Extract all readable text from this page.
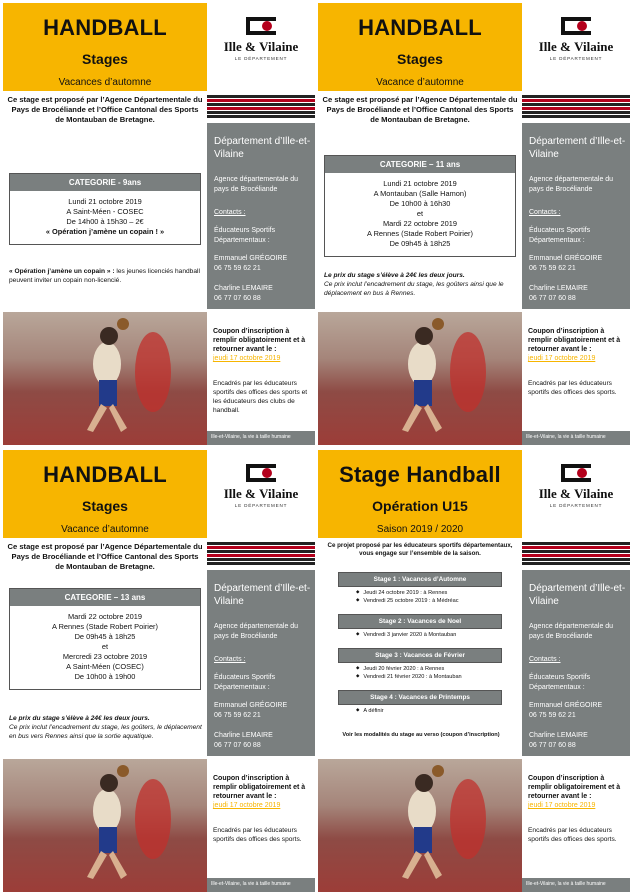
HANDBALL
Stages
Vacances d’automne
Ille & Vilaine
LE DÉPARTEMENT
Ce stage est proposé par l’Agence Départementale du Pays de Brocéliande et l’Office Cantonal des Sports de Montauban de Bretagne.
CATEGORIE - 9ans
Lundi 21 octobre 2019
A Saint-Méen - COSEC
De 14h00 à 15h30 – 2€
« Opération j’amène un copain ! »
« Opération j’amène un copain » : les jeunes licenciés handball peuvent inviter un copain non-licencié.
Département d’Ille-et-Vilaine
Agence départementale du pays de Brocéliande
Contacts :
Éducateurs Sportifs Départementaux :
Emmanuel GRÉGOIRE
06 75 59 62 21
Charline LEMAIRE
06 77 07 60 88
Coupon d’inscription à remplir obligatoirement et à retourner avant le :
jeudi 17 octobre 2019
Encadrés par les éducateurs sportifs des offices des sports et les éducateurs des clubs de handball.
Ille-et-Vilaine, la vie à taille humaine
HANDBALL
Stages
Vacance d’automne
Ille & Vilaine
LE DÉPARTEMENT
Ce stage est proposé par l’Agence Départementale du Pays de Brocéliande et l’Office Cantonal des Sports de Montauban de Bretagne.
CATEGORIE – 11 ans
Lundi 21 octobre 2019
A Montauban (Salle Hamon)
De 10h00 à 16h30
et
Mardi 22 octobre 2019
A Rennes (Stade Robert Poirier)
De 09h45 à 18h25
Le prix du stage s’élève à 24€ les deux jours.
Ce prix inclut l’encadrement du stage, les goûters ainsi que le déplacement en bus à Rennes.
Département d’Ille-et-Vilaine
Agence départementale du pays de Brocéliande
Contacts :
Éducateurs Sportifs Départementaux :
Emmanuel GRÉGOIRE
06 75 59 62 21
Charline LEMAIRE
06 77 07 60 88
Coupon d’inscription à remplir obligatoirement et à retourner avant le :
jeudi 17 octobre 2019
Encadrés par les éducateurs sportifs des offices des sports.
Ille-et-Vilaine, la vie à taille humaine
HANDBALL
Stages
Vacance d’automne
Ille & Vilaine
LE DÉPARTEMENT
Ce stage est proposé par l’Agence Départementale du Pays de Brocéliande et l’Office Cantonal des Sports de Montauban de Bretagne.
CATEGORIE – 13 ans
Mardi 22 octobre 2019
A Rennes (Stade Robert Poirier)
De 09h45 à 18h25
et
Mercredi 23 octobre 2019
A Saint-Méen (COSEC)
De 10h00 à 19h00
Le prix du stage s’élève à 24€ les deux jours.
Ce prix inclut l’encadrement du stage, les goûters, le déplacement en bus vers Rennes ainsi que la sortie aquatique.
Département d’Ille-et-Vilaine
Agence départementale du pays de Brocéliande
Contacts :
Éducateurs Sportifs Départementaux :
Emmanuel GRÉGOIRE
06 75 59 62 21
Charline LEMAIRE
06 77 07 60 88
Coupon d’inscription à remplir obligatoirement et à retourner avant le :
jeudi 17 octobre 2019
Encadrés par les éducateurs sportifs des offices des sports.
Ille-et-Vilaine, la vie à taille humaine
Stage Handball
Opération U15
Saison 2019 / 2020
Ille & Vilaine
LE DÉPARTEMENT
Ce projet proposé par les éducateurs sportifs départementaux, vous engage sur l’ensemble de la saison.
Stage 1 : Vacances d’Automne
◆ Jeudi 24 octobre 2019 : à Rennes
◆ Vendredi 25 octobre 2019 : à Médréac
Stage 2 : Vacances de Noel
◆ Vendredi 3 janvier 2020 à Montauban
Stage 3 : Vacances de Février
◆ Jeudi 20 février 2020 : à Rennes
◆ Vendredi 21 février 2020 : à Montauban
Stage 4 : Vacances de Printemps
◆ A définir
Voir les modalités du stage au verso (coupon d’inscription)
Département d’Ille-et-Vilaine
Agence départementale du pays de Brocéliande
Contacts :
Éducateurs Sportifs Départementaux :
Emmanuel GRÉGOIRE
06 75 59 62 21
Charline LEMAIRE
06 77 07 60 88
Coupon d’inscription à remplir obligatoirement et à retourner avant le :
jeudi 17 octobre 2019
Encadrés par les éducateurs sportifs des offices des sports.
Ille-et-Vilaine, la vie à taille humaine
